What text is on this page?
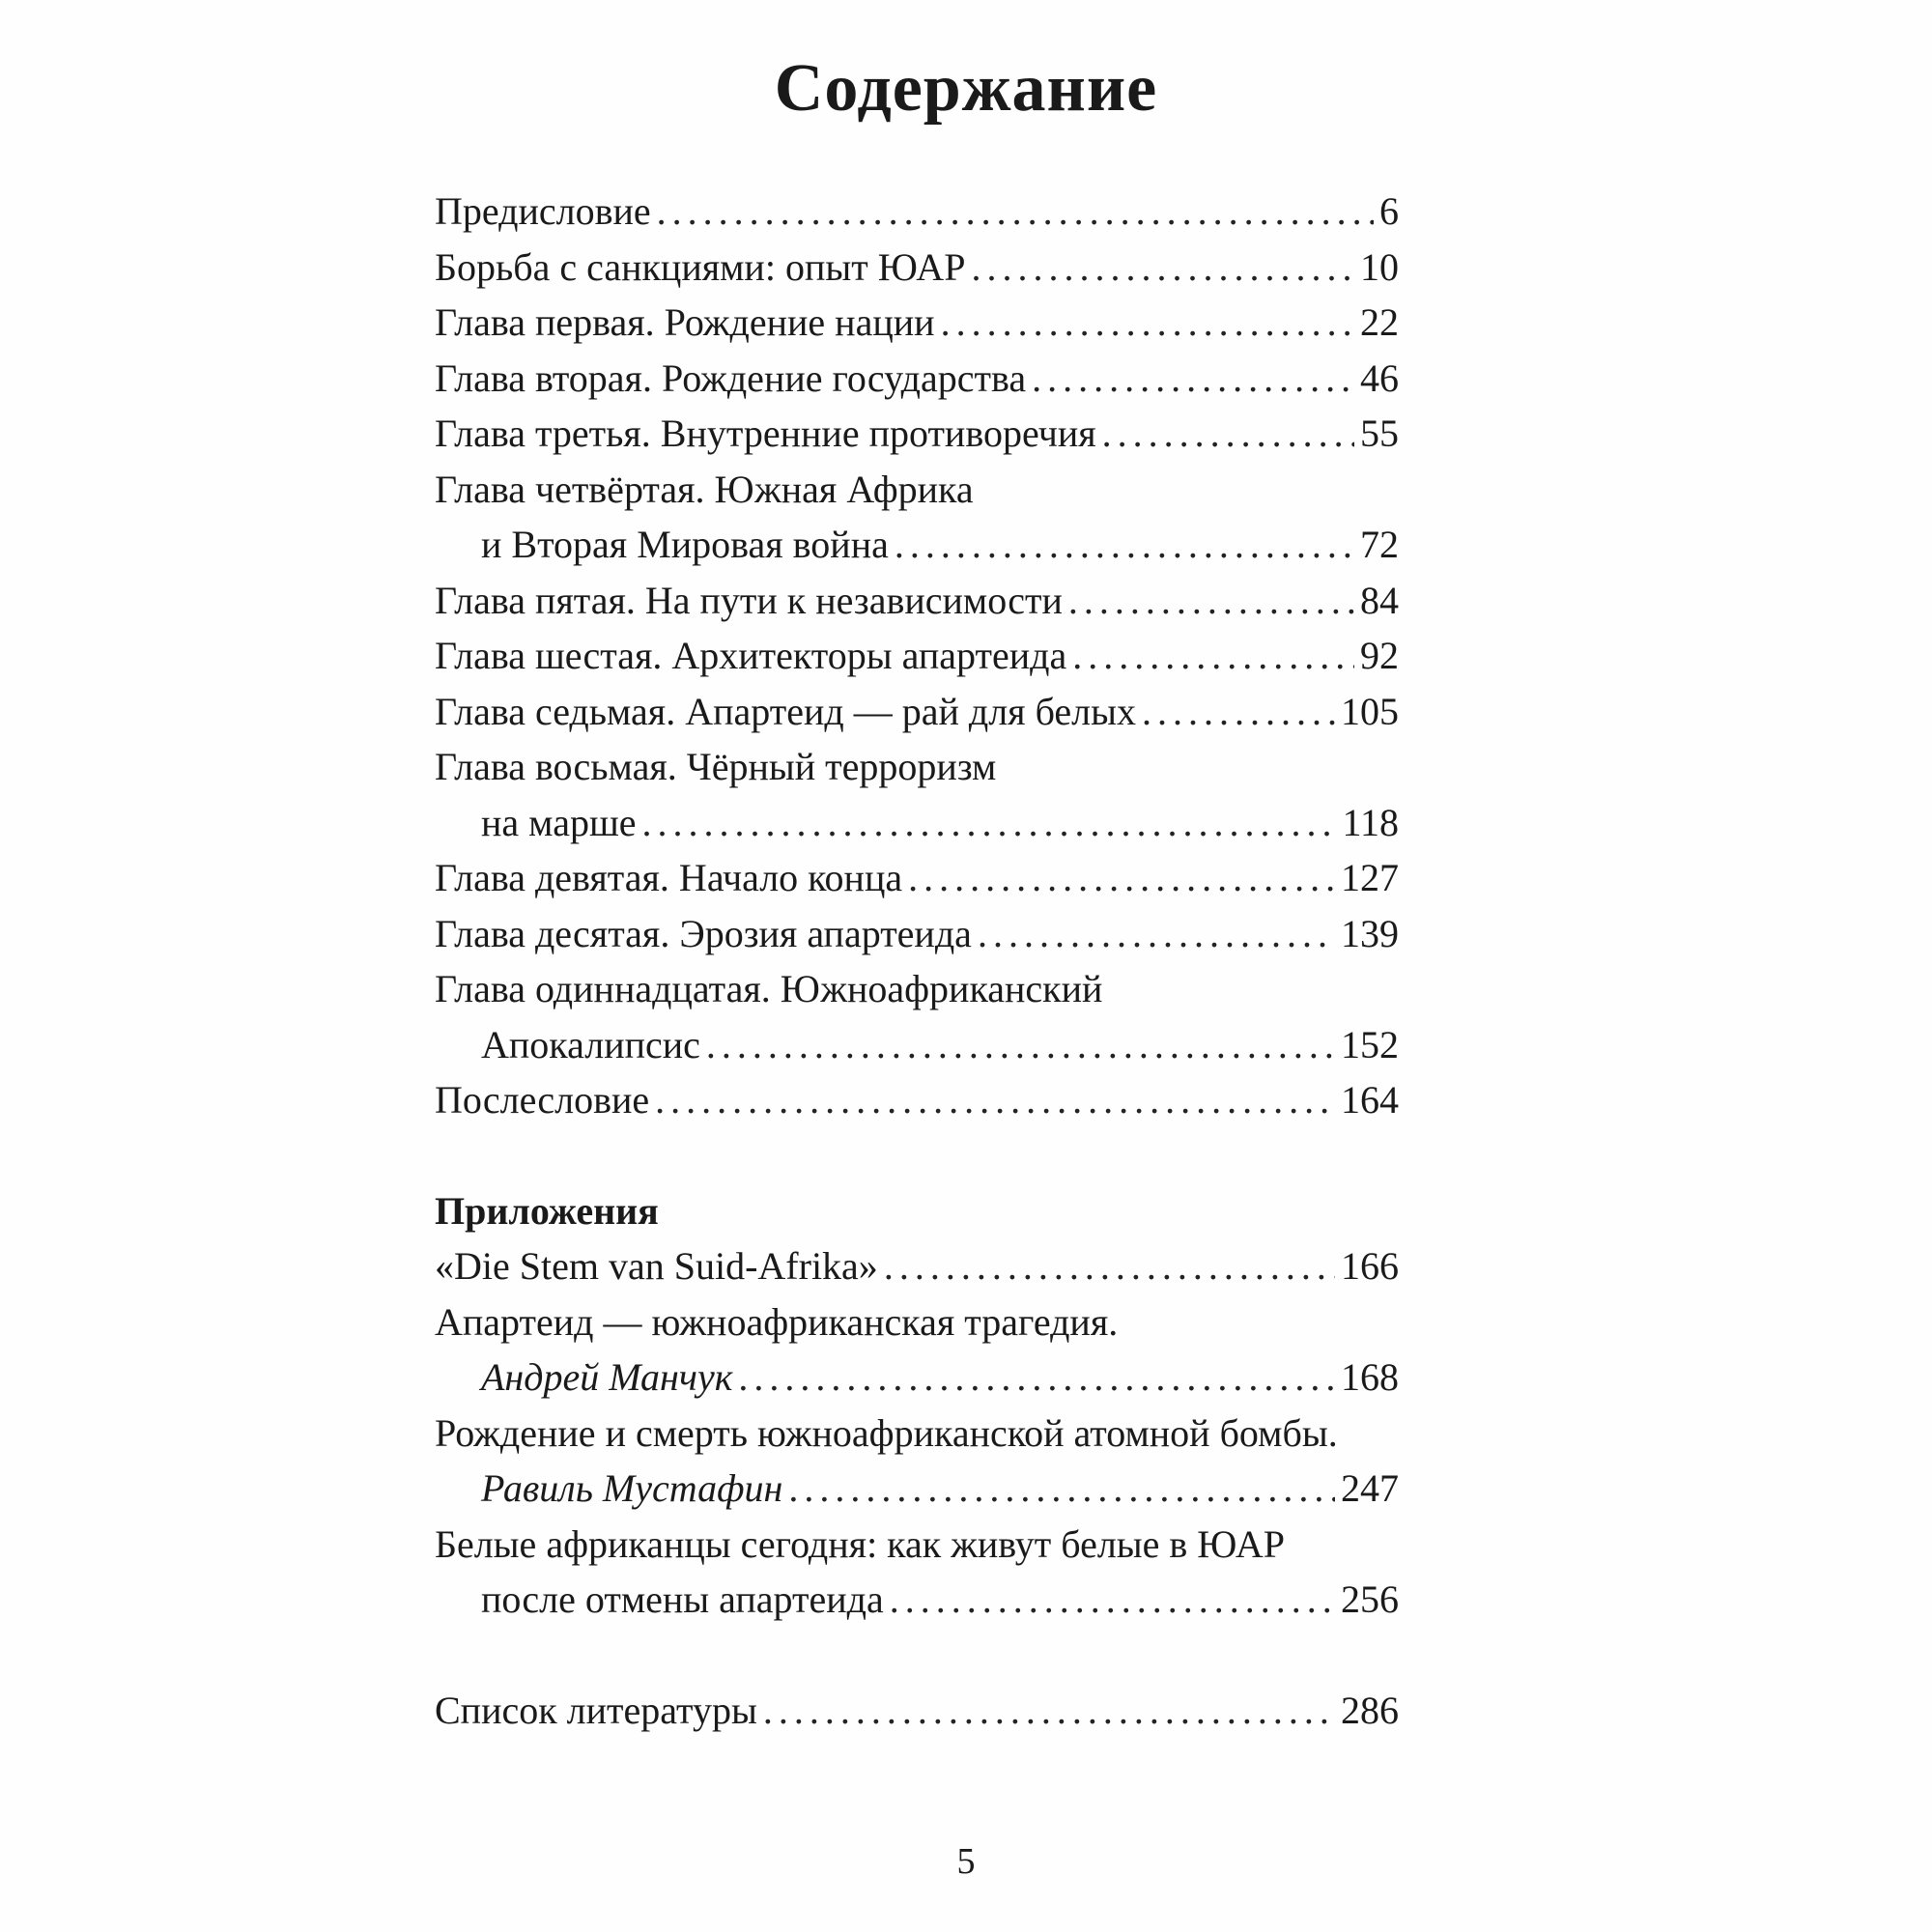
Содержание
Предисловие . . .	6
Борьба с санкциями: опыт ЮАР . . .	10
Глава первая. Рождение нации . . .	22
Глава вторая. Рождение государства . . .	46
Глава третья. Внутренние противоречия . . .	55
Глава четвёртая. Южная Африка
и Вторая Мировая война . . .	72
Глава пятая. На пути к независимости . . .	84
Глава шестая. Архитекторы апартеида . . .	92
Глава седьмая. Апартеид — рай для белых . . .	105
Глава восьмая. Чёрный терроризм
на марше . . .	118
Глава девятая. Начало конца . . .	127
Глава десятая. Эрозия апартеида . . .	139
Глава одиннадцатая. Южноафриканский
Апокалипсис . . .	152
Послесловие . . .	164
Приложения
«Die Stem van Suid-Afrika» . . .	166
Апартеид — южноафриканская трагедия.
Андрей Манчук . . .	168
Рождение и смерть южноафриканской атомной бомбы.
Равиль Мустафин . . .	247
Белые африканцы сегодня: как живут белые в ЮАР
после отмены апартеида . . .	256
Список литературы . . .	286
5
